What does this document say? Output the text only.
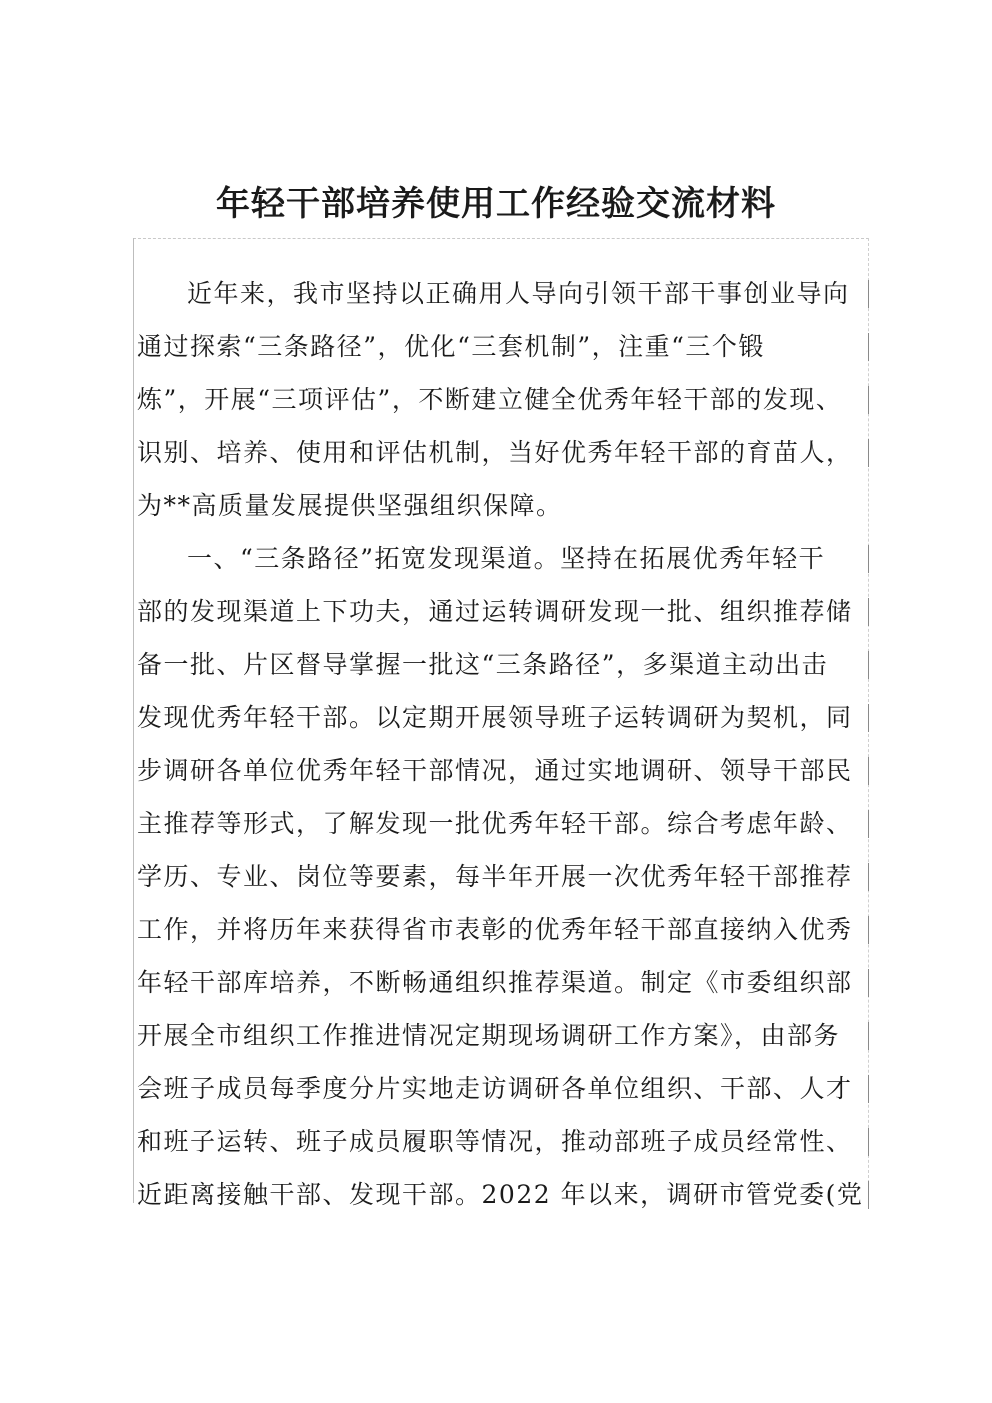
年轻干部培养使用工作经验交流材料
近年来，我市坚持以正确用人导向引领干部干事创业导向
通过探索“三条路径”，优化“三套机制”，注重“三个锻
炼”，开展“三项评估”，不断建立健全优秀年轻干部的发现、
识别、培养、使用和评估机制，当好优秀年轻干部的育苗人，
为**高质量发展提供坚强组织保障。
一、“三条路径”拓宽发现渠道。坚持在拓展优秀年轻干
部的发现渠道上下功夫，通过运转调研发现一批、组织推荐储
备一批、片区督导掌握一批这“三条路径”，多渠道主动出击
发现优秀年轻干部。以定期开展领导班子运转调研为契机，同
步调研各单位优秀年轻干部情况，通过实地调研、领导干部民
主推荐等形式，了解发现一批优秀年轻干部。综合考虑年龄、
学历、专业、岗位等要素，每半年开展一次优秀年轻干部推荐
工作，并将历年来获得省市表彰的优秀年轻干部直接纳入优秀
年轻干部库培养，不断畅通组织推荐渠道。制定《市委组织部
开展全市组织工作推进情况定期现场调研工作方案》，由部务
会班子成员每季度分片实地走访调研各单位组织、干部、人才
和班子运转、班子成员履职等情况，推动部班子成员经常性、
近距离接触干部、发现干部。2022 年以来，调研市管党委(党
